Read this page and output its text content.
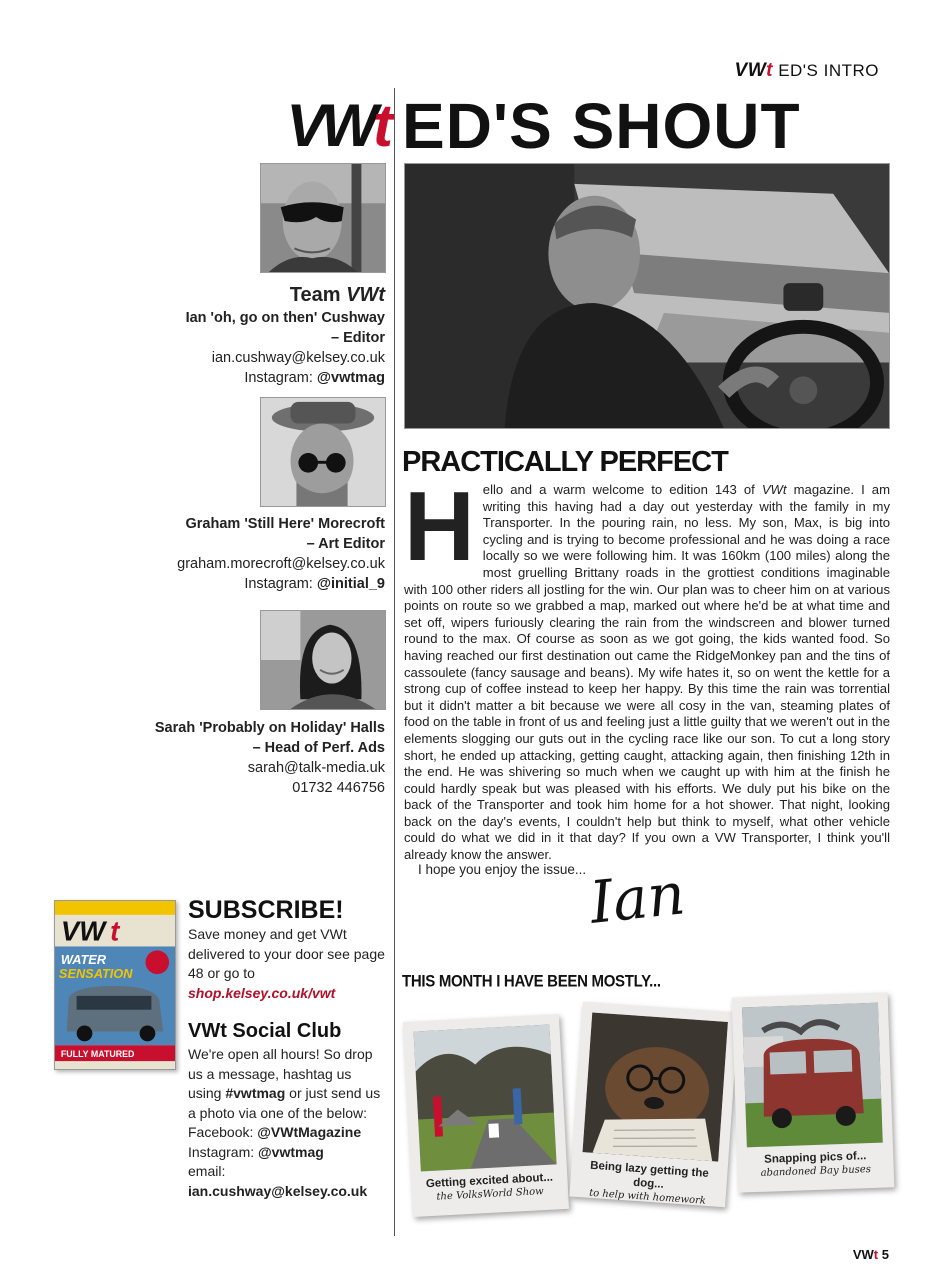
VWt ED'S INTRO
VWt ED'S SHOUT
Team VWt
Ian 'oh, go on then' Cushway
– Editor
ian.cushway@kelsey.co.uk
Instagram: @vwtmag
Graham 'Still Here' Morecroft
– Art Editor
graham.morecroft@kelsey.co.uk
Instagram: @initial_9
Sarah 'Probably on Holiday' Halls
– Head of Perf. Ads
sarah@talk-media.uk
01732 446756
PRACTICALLY PERFECT
Hello and a warm welcome to edition 143 of VWt magazine. I am writing this having had a day out yesterday with the family in my Transporter. In the pouring rain, no less. My son, Max, is big into cycling and is trying to become professional and he was doing a race locally so we were following him. It was 160km (100 miles) along the most gruelling Brittany roads in the grottiest conditions imaginable with 100 other riders all jostling for the win. Our plan was to cheer him on at various points on route so we grabbed a map, marked out where he'd be at what time and set off, wipers furiously clearing the rain from the windscreen and blower turned round to the max. Of course as soon as we got going, the kids wanted food. So having reached our first destination out came the RidgeMonkey pan and the tins of cassoulete (fancy sausage and beans). My wife hates it, so on went the kettle for a strong cup of coffee instead to keep her happy. By this time the rain was torrential but it didn't matter a bit because we were all cosy in the van, steaming plates of food on the table in front of us and feeling just a little guilty that we weren't out in the elements slogging our guts out in the cycling race like our son. To cut a long story short, he ended up attacking, getting caught, attacking again, then finishing 12th in the end. He was shivering so much when we caught up with him at the finish he could hardly speak but was pleased with his efforts. We duly put his bike on the back of the Transporter and took him home for a hot shower. That night, looking back on the day's events, I couldn't help but think to myself, what other vehicle could do what we did in it that day? If you own a VW Transporter, I think you'll already know the answer.
I hope you enjoy the issue... Ian
VW t
WATER
SENSATION
FULLY MATURED
SUBSCRIBE!
Save money and get VWt delivered to your door see page 48 or go to shop.kelsey.co.uk/vwt
VWt Social Club
We're open all hours! So drop us a message, hashtag us using #vwtmag or just send us a photo via one of the below:
Facebook: @VWtMagazine
Instagram: @vwtmag
email: ian.cushway@kelsey.co.uk
THIS MONTH I HAVE BEEN MOSTLY...
Getting excited about...
the VolksWorld Show
Being lazy getting the dog...
to help with homework
Snapping pics of...
abandoned Bay buses
VWt 5
